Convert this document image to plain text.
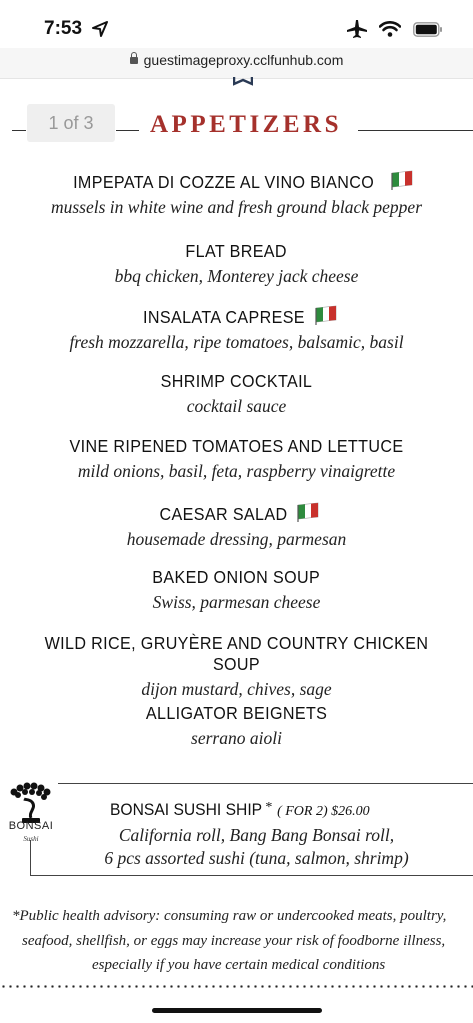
7:53
guestimageproxy.cclfunhub.com
1 of 3	APPETIZERS
IMPEPATA DI COZZE AL VINO BIANCO
mussels in white wine and fresh ground black pepper
FLAT BREAD
bbq chicken, Monterey jack cheese
INSALATA CAPRESE
fresh mozzarella, ripe tomatoes, balsamic, basil
SHRIMP COCKTAIL
cocktail sauce
VINE RIPENED TOMATOES AND LETTUCE
mild onions, basil, feta, raspberry vinaigrette
CAESAR SALAD
housemade dressing, parmesan
BAKED ONION SOUP
Swiss, parmesan cheese
WILD RICE, GRUYÈRE AND COUNTRY CHICKEN SOUP
dijon mustard, chives, sage
ALLIGATOR BEIGNETS
serrano aioli
BONSAI
Sushi
BONSAI SUSHI SHIP * ( FOR 2) $26.00
California roll, Bang Bang Bonsai roll,
6 pcs assorted sushi (tuna, salmon, shrimp)
*Public health advisory: consuming raw or undercooked meats, poultry,
seafood, shellfish, or eggs may increase your risk of foodborne illness,
especially if you have certain medical conditions
